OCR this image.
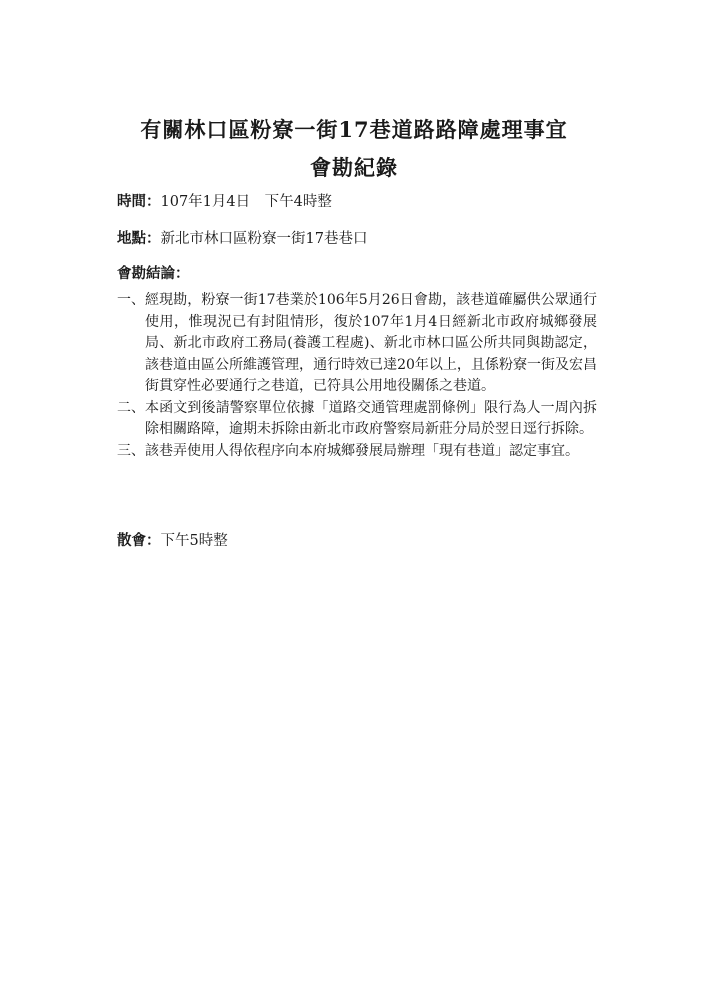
有關林口區粉寮一街17巷道路路障處理事宜
會勘紀錄
時間：107年1月4日　下午4時整
地點：新北市林口區粉寮一街17巷巷口
會勘結論：
一、 經現勘，粉寮一街17巷業於106年5月26日會勘，該巷道確屬供公眾通行使用，惟現況已有封阻情形，復於107年1月4日經新北市政府城鄉發展局、新北市政府工務局(養護工程處)、新北市林口區公所共同與勘認定，該巷道由區公所維護管理，通行時效已達20年以上，且係粉寮一街及宏昌街貫穿性必要通行之巷道，已符具公用地役關係之巷道。
二、 本函文到後請警察單位依據「道路交通管理處罰條例」限行為人一周內拆除相關路障，逾期未拆除由新北市政府警察局新莊分局於翌日逕行拆除。
三、 該巷弄使用人得依程序向本府城鄉發展局辦理「現有巷道」認定事宜。
散會：下午5時整
